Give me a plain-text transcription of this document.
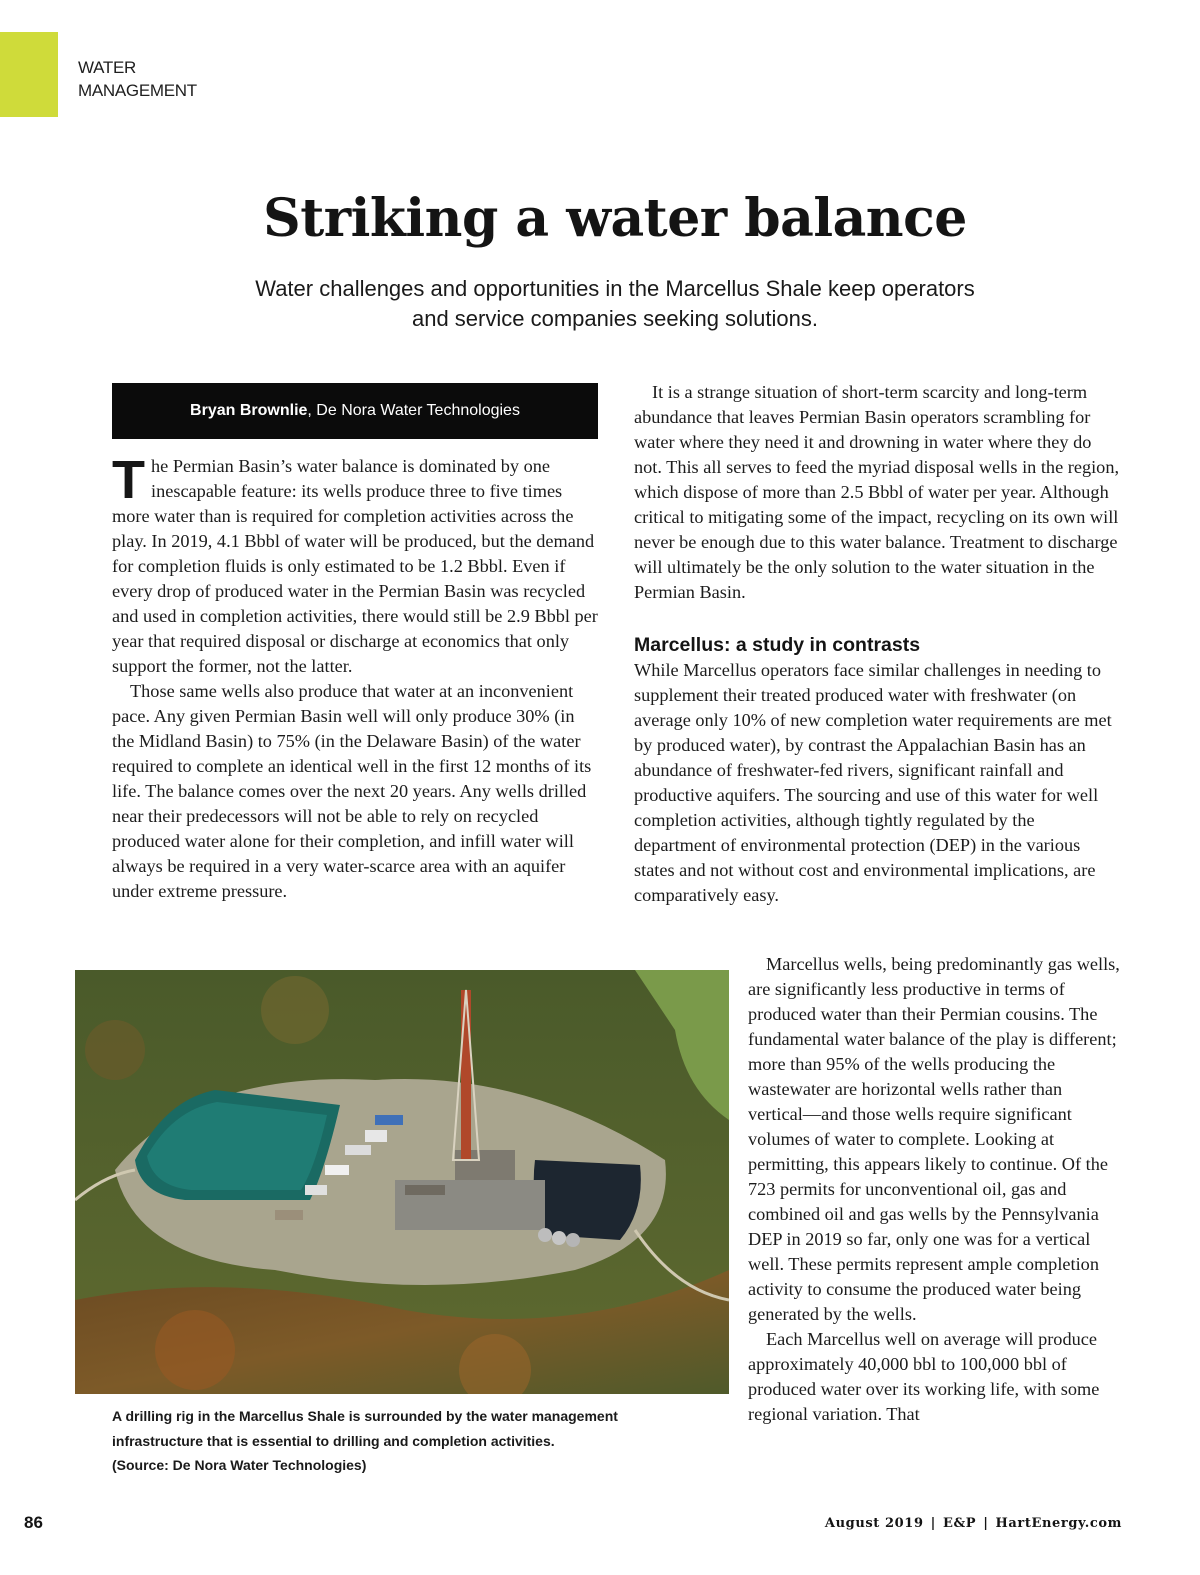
WATER
MANAGEMENT
Striking a water balance
Water challenges and opportunities in the Marcellus Shale keep operators
and service companies seeking solutions.
Bryan Brownlie, De Nora Water Technologies

The Permian Basin’s water balance is dominated by one inescapable feature: its wells produce three to five times more water than is required for completion activities across the play. In 2019, 4.1 Bbbl of water will be produced, but the demand for completion fluids is only estimated to be 1.2 Bbbl. Even if every drop of produced water in the Permian Basin was recycled and used in completion activities, there would still be 2.9 Bbbl per year that required disposal or discharge at economics that only support the former, not the latter.

Those same wells also produce that water at an inconvenient pace. Any given Permian Basin well will only produce 30% (in the Midland Basin) to 75% (in the Delaware Basin) of the water required to complete an identical well in the first 12 months of its life. The balance comes over the next 20 years. Any wells drilled near their predecessors will not be able to rely on recycled produced water alone for their completion, and infill water will always be required in a very water-scarce area with an aquifer under extreme pressure.

It is a strange situation of short-term scarcity and long-term abundance that leaves Permian Basin operators scrambling for water where they need it and drowning in water where they do not. This all serves to feed the myriad disposal wells in the region, which dispose of more than 2.5 Bbbl of water per year. Although critical to mitigating some of the impact, recycling on its own will never be enough due to this water balance. Treatment to discharge will ultimately be the only solution to the water situation in the Permian Basin.

Marcellus: a study in contrasts

While Marcellus operators face similar challenges in needing to supplement their treated produced water with freshwater (on average only 10% of new completion water requirements are met by produced water), by contrast the Appalachian Basin has an abundance of freshwater-fed rivers, significant rainfall and productive aquifers. The sourcing and use of this water for well completion activities, although tightly regulated by the department of environmental protection (DEP) in the various states and not without cost and environmental implications, are comparatively easy.

Marcellus wells, being predominantly gas wells, are significantly less productive in terms of produced water than their Permian cousins. The fundamental water balance of the play is different; more than 95% of the wells producing the wastewater are horizontal wells rather than vertical—and those wells require significant volumes of water to complete. Looking at permitting, this appears likely to continue. Of the 723 permits for unconventional oil, gas and combined oil and gas wells by the Pennsylvania DEP in 2019 so far, only one was for a vertical well. These permits represent ample completion activity to consume the produced water being generated by the wells.

Each Marcellus well on average will produce approximately 40,000 bbl to 100,000 bbl of produced water over its working life, with some regional variation. That

A drilling rig in the Marcellus Shale is surrounded by the water management
infrastructure that is essential to drilling and completion activities.
(Source: De Nora Water Technologies)
86	August 2019 | E&P | HartEnergy.com
